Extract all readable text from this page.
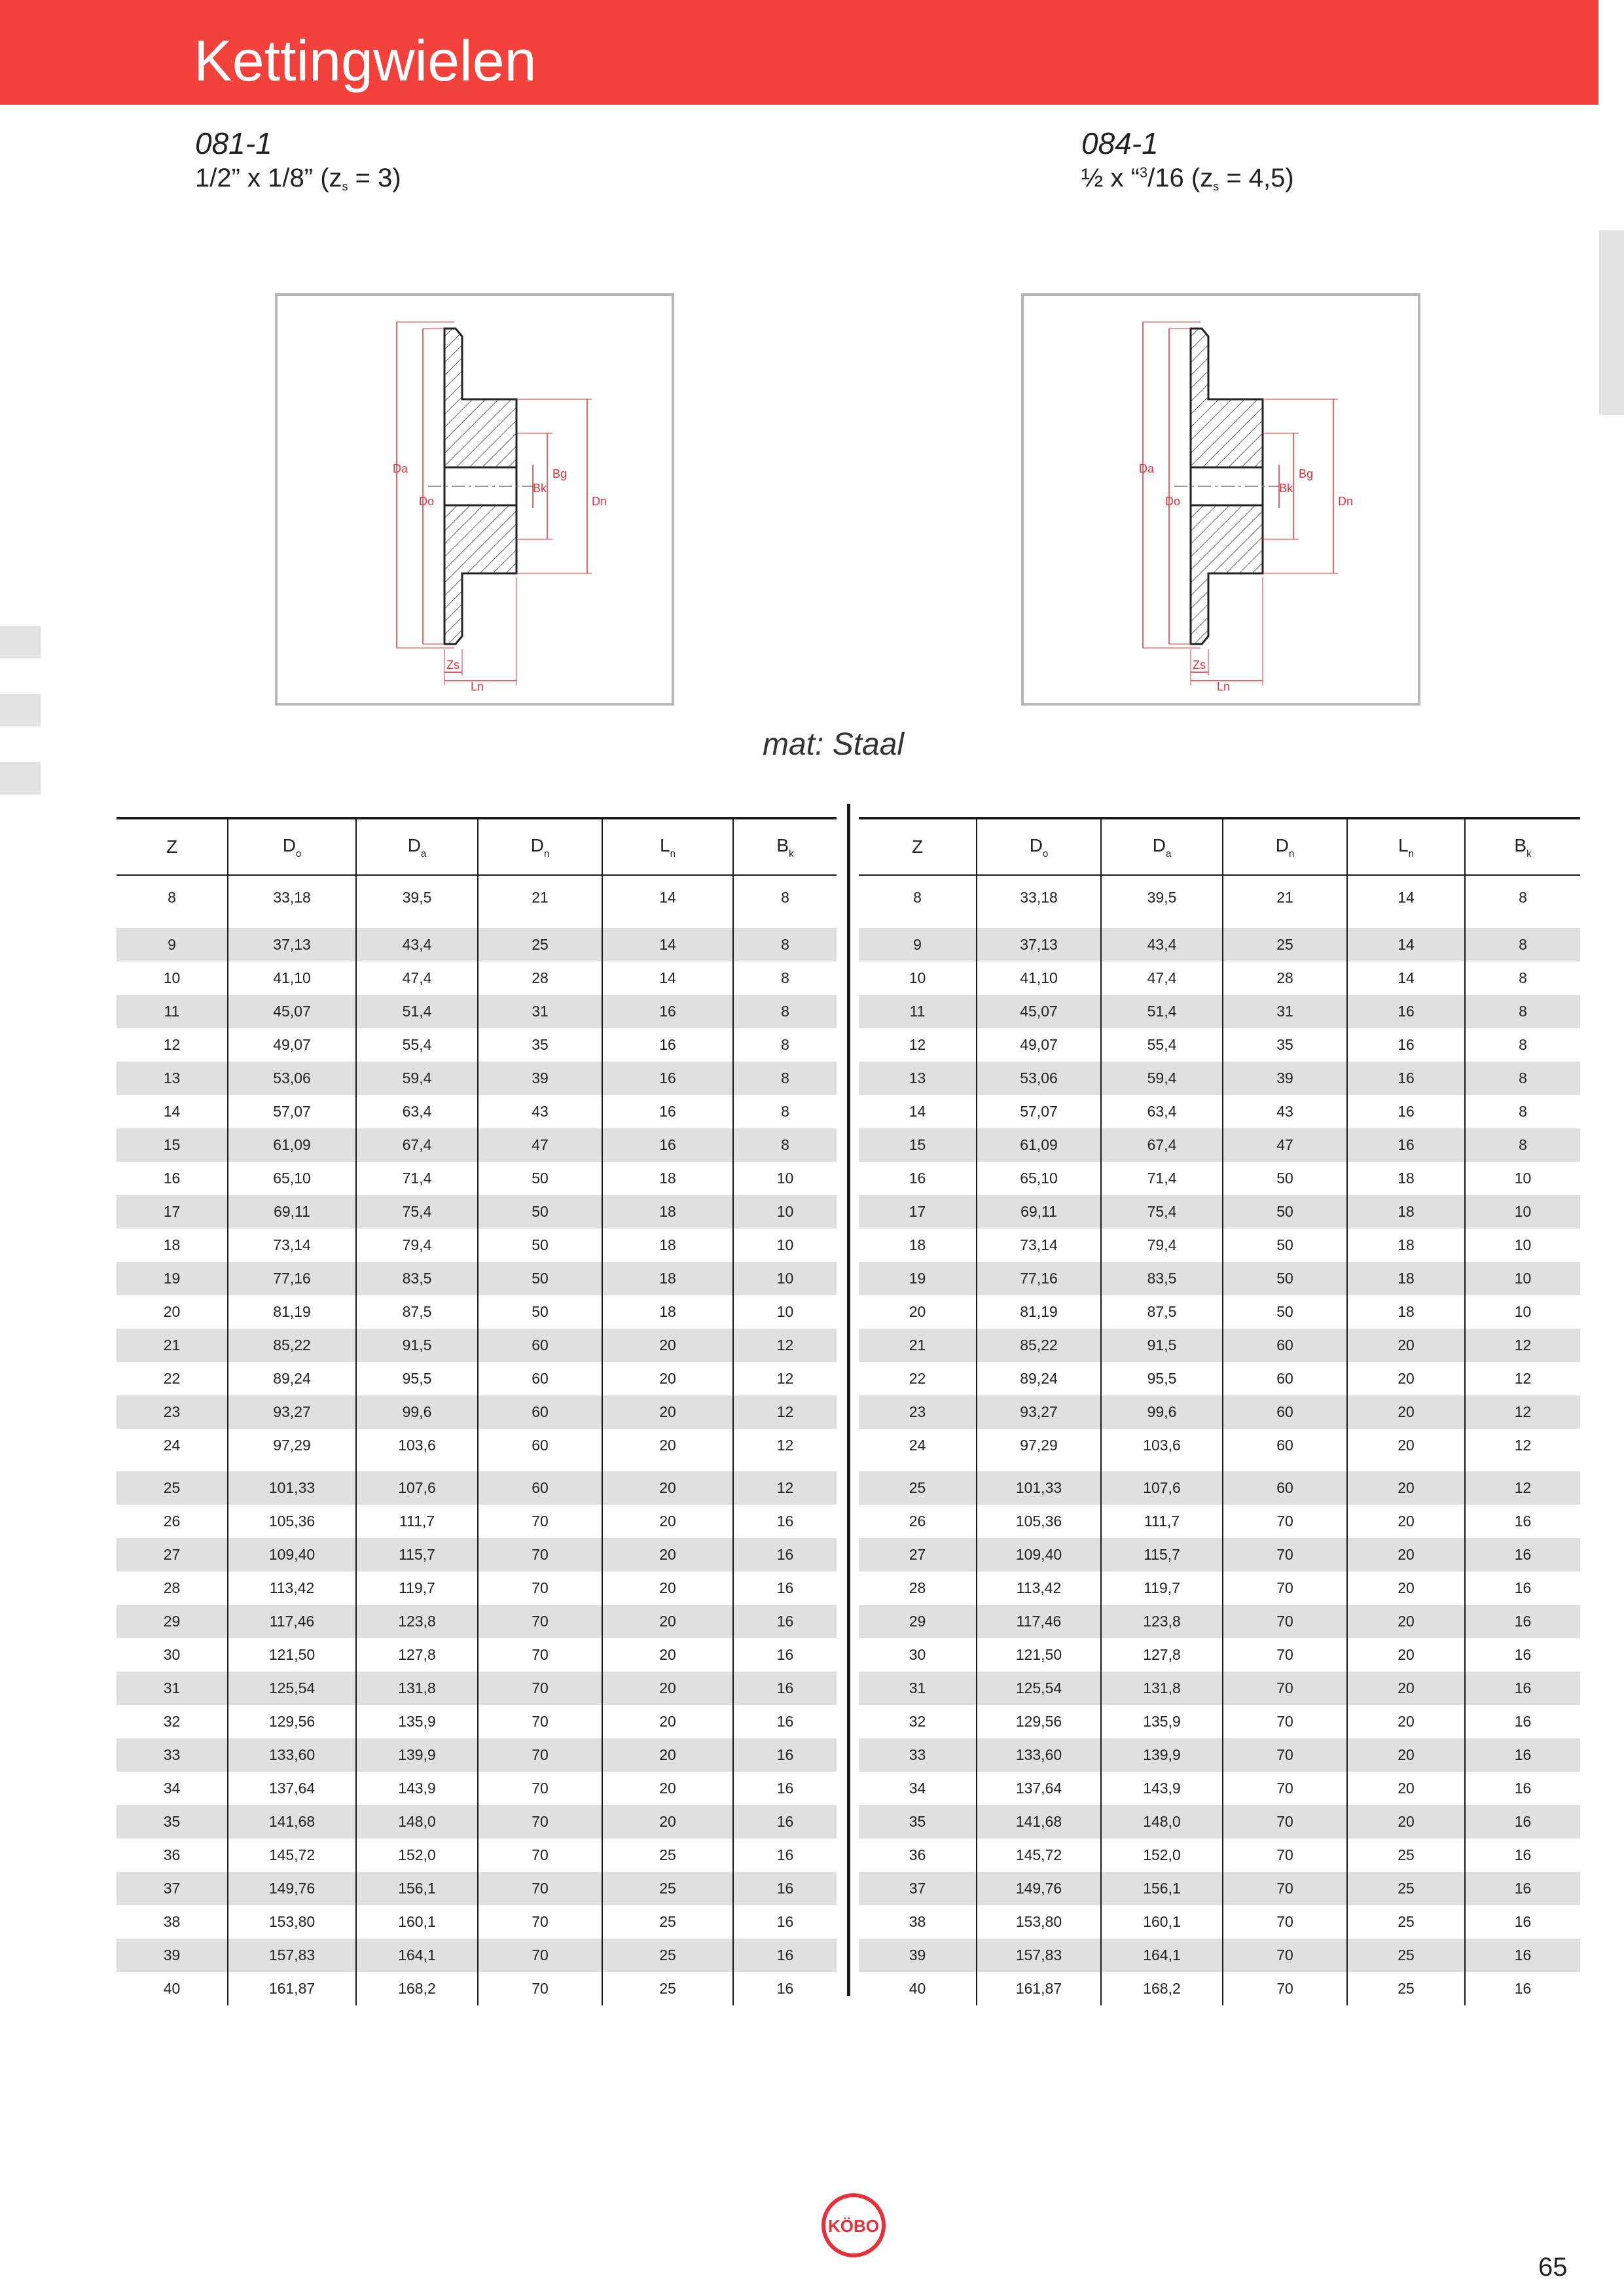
Kettingwielen
081-1
1/2” x 1/8” $(z_s = 3)$
084-1
½ x “$^3$/16 $(z_s = 4,5)$
Da
Do
Bg
Bk
Dn
Zs
Ln
Da
Do
Bg
Bk
Dn
Zs
Ln
mat: Staal
Z	$D_o$	$D_a$	$D_n$	$L_n$	$B_k$
8	33,18	39,5	21	14	8

9	37,13	43,4	25	14	8
10	41,10	47,4	28	14	8
11	45,07	51,4	31	16	8
12	49,07	55,4	35	16	8
13	53,06	59,4	39	16	8
14	57,07	63,4	43	16	8
15	61,09	67,4	47	16	8
16	65,10	71,4	50	18	10
17	69,11	75,4	50	18	10
18	73,14	79,4	50	18	10
19	77,16	83,5	50	18	10
20	81,19	87,5	50	18	10
21	85,22	91,5	60	20	12
22	89,24	95,5	60	20	12
23	93,27	99,6	60	20	12
24	97,29	103,6	60	20	12

25	101,33	107,6	60	20	12
26	105,36	111,7	70	20	16
27	109,40	115,7	70	20	16
28	113,42	119,7	70	20	16
29	117,46	123,8	70	20	16
30	121,50	127,8	70	20	16
31	125,54	131,8	70	20	16
32	129,56	135,9	70	20	16
33	133,60	139,9	70	20	16
34	137,64	143,9	70	20	16
35	141,68	148,0	70	20	16
36	145,72	152,0	70	25	16
37	149,76	156,1	70	25	16
38	153,80	160,1	70	25	16
39	157,83	164,1	70	25	16
40	161,87	168,2	70	25	16
Z	$D_o$	$D_a$	$D_n$	$L_n$	$B_k$
8	33,18	39,5	21	14	8

9	37,13	43,4	25	14	8
10	41,10	47,4	28	14	8
11	45,07	51,4	31	16	8
12	49,07	55,4	35	16	8
13	53,06	59,4	39	16	8
14	57,07	63,4	43	16	8
15	61,09	67,4	47	16	8
16	65,10	71,4	50	18	10
17	69,11	75,4	50	18	10
18	73,14	79,4	50	18	10
19	77,16	83,5	50	18	10
20	81,19	87,5	50	18	10
21	85,22	91,5	60	20	12
22	89,24	95,5	60	20	12
23	93,27	99,6	60	20	12
24	97,29	103,6	60	20	12

25	101,33	107,6	60	20	12
26	105,36	111,7	70	20	16
27	109,40	115,7	70	20	16
28	113,42	119,7	70	20	16
29	117,46	123,8	70	20	16
30	121,50	127,8	70	20	16
31	125,54	131,8	70	20	16
32	129,56	135,9	70	20	16
33	133,60	139,9	70	20	16
34	137,64	143,9	70	20	16
35	141,68	148,0	70	20	16
36	145,72	152,0	70	25	16
37	149,76	156,1	70	25	16
38	153,80	160,1	70	25	16
39	157,83	164,1	70	25	16
40	161,87	168,2	70	25	16
KÖBO
65
